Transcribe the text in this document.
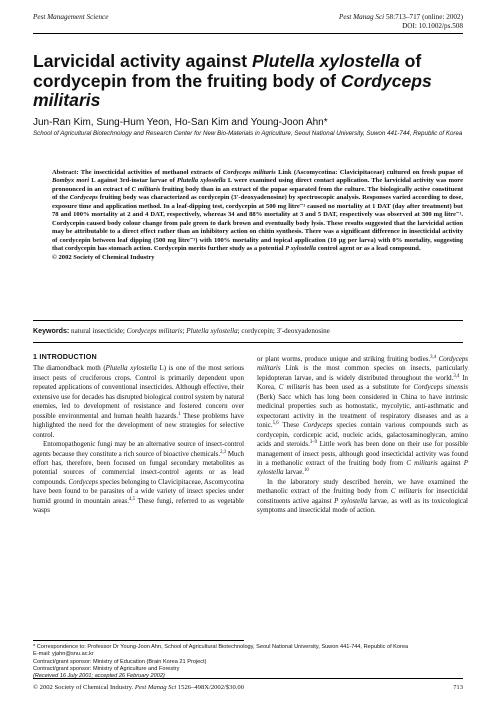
Pest Management Science	Pest Manag Sci 58:713–717 (online: 2002)
DOI: 10.1002/ps.508
Larvicidal activity against Plutella xylostella of cordycepin from the fruiting body of Cordyceps militaris
Jun-Ran Kim, Sung-Hum Yeon, Ho-San Kim and Young-Joon Ahn*
School of Agricultural Biotechnology and Research Center for New Bio-Materials in Agriculture, Seoul National University, Suwon 441-744, Republic of Korea
Abstract: The insecticidal activities of methanol extracts of Cordyceps militaris Link (Ascomycotina: Clavicipitaceae) cultured on fresh pupae of Bombyx mori L against 3rd-instar larvae of Plutella xylostella L were examined using direct contact application. The larvicidal activity was more pronounced in an extract of C militaris fruiting body than in an extract of the pupae separated from the culture. The biologically active constituent of the Cordyceps fruiting body was characterized as cordycepin (3′-deoxyadenosine) by spectroscopic analysis. Responses varied according to dose, exposure time and application method. In a leaf-dipping test, cordycepin at 500 mg litre⁻¹ caused no mortality at 1 DAT (day after treatment) but 78 and 100% mortality at 2 and 4 DAT, respectively, whereas 34 and 88% mortality at 3 and 5 DAT, respectively was observed at 300 mg litre⁻¹. Cordycepin caused body colour change from pale green to dark brown and eventually body lysis. These results suggested that the larvicidal action may be attributable to a direct effect rather than an inhibitory action on chitin synthesis. There was a significant difference in insecticidal activity of cordycepin between leaf dipping (500 mg litre⁻¹) with 100% mortality and topical application (10 µg per larva) with 0% mortality, suggesting that cordycepin has stomach action. Cordycepin merits further study as a potential P xylostella control agent or as a lead compound.
© 2002 Society of Chemical Industry
Keywords: natural insecticide; Cordyceps militaris; Plutella xylostella; cordycepin; 3′-deoxyadenosine
1 INTRODUCTION

The diamondback moth (Plutella xylostella L) is one of the most serious insect pests of cruciferous crops. Control is primarily dependent upon repeated applications of conventional insecticides. Although effective, their extensive use for decades has disrupted biological control system by natural enemies, led to development of resistance and fostered concern over possible environmental and human health hazards.$^1$ These problems have highlighted the need for the development of new strategies for selective control.

Entomopathogenic fungi may be an alternative source of insect-control agents because they constitute a rich source of bioactive chemicals.$^{2,3}$ Much effort has, therefore, been focused on fungal secondary metabolites as potential sources of commercial insect-control agents or as lead compounds. Cordyceps species belonging to Clavicipitaceae, Ascomycotina have been found to be parasites of a wide variety of insect species under humid ground in mountain areas.$^{4,5}$ These fungi, referred to as vegetable wasps

or plant worms, produce unique and striking fruiting bodies.$^{3,4}$ Cordyceps militaris Link is the most common species on insects, particularly lepidopteran larvae, and is widely distributed throughout the world.$^{3,4}$ In Korea, C militaris has been used as a substitute for Cordyceps sinensis (Berk) Sacc which has long been considered in China to have intrinsic medicinal properties such as homostatic, mycolytic, anti-asthmatic and expectorant activity in the treatment of respiratory diseases and as a tonic.$^{5,6}$ These Cordyceps species contain various compounds such as cordycepin, cordicepic acid, nucleic acids, galactosaminoglycan, amino acids and steroids.$^{3-9}$ Little work has been done on their use for possible management of insect pests, although good insecticidal activity was found in a methanolic extract of the fruiting body from C militaris against P xylostella larvae.$^{10}$

In the laboratory study described herein, we have examined the methanolic extract of the fruiting body from C militaris for insecticidal constituents active against P xylostella larvae, as well as its toxicological symptoms and insecticidal mode of action.

* Correspondence to: Professor Dr Young-Joon Ahn, School of Agricultural Biotechnology, Seoul National University, Suwon 441-744, Republic of Korea
E-mail: yjahn@snu.ac.kr
Contract/grant sponsor: Ministry of Education (Brain Korea 21 Project)
Contract/grant sponsor: Ministry of Agriculture and Forestry
(Received 16 July 2001; accepted 26 February 2002)
© 2002 Society of Chemical Industry. Pest Manag Sci 1526–498X/2002/$30.00	713
